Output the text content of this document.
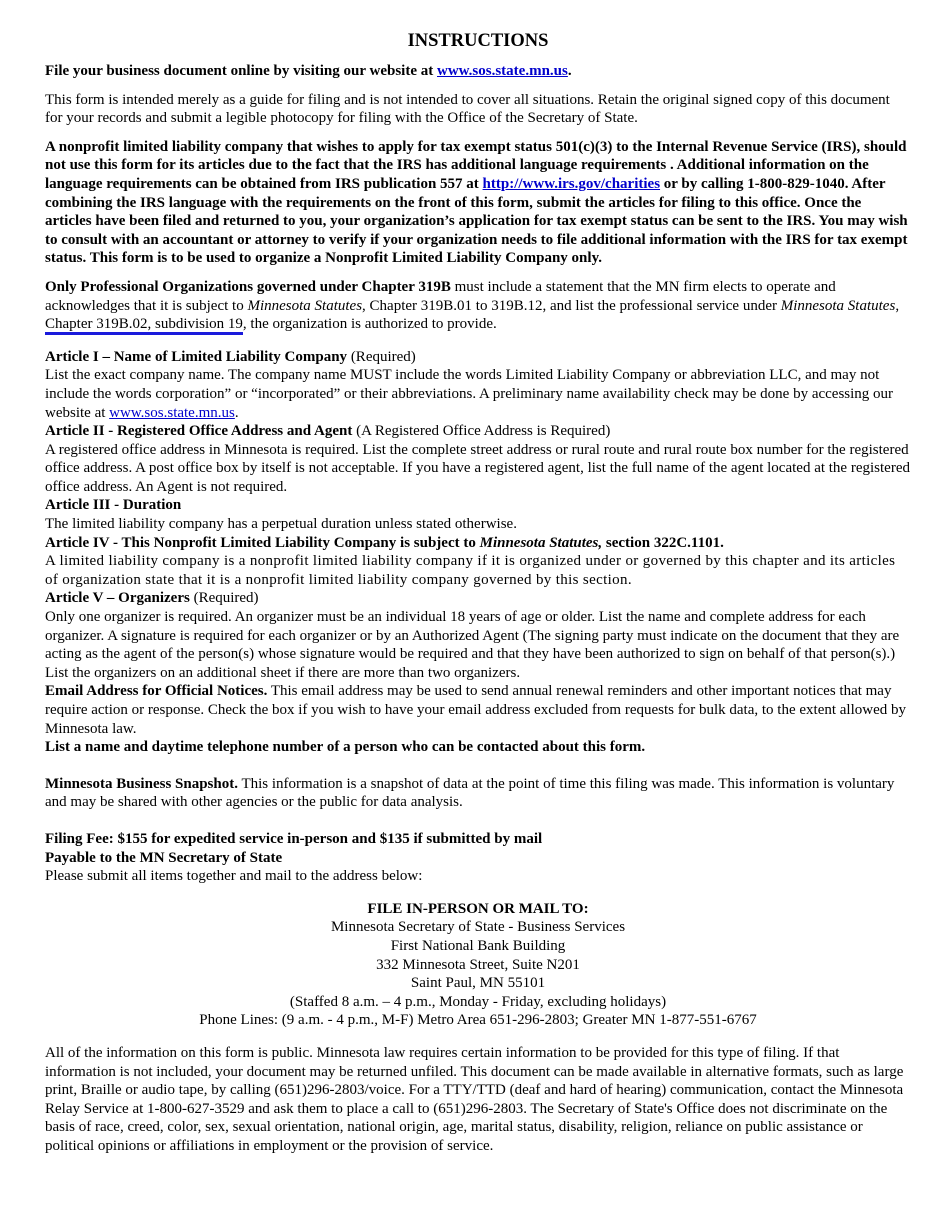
INSTRUCTIONS

File your business document online by visiting our website at www.sos.state.mn.us.

This form is intended merely as a guide for filing and is not intended to cover all situations. Retain the original signed copy of this document for your records and submit a legible photocopy for filing with the Office of the Secretary of State.

A nonprofit limited liability company that wishes to apply for tax exempt status 501(c)(3) to the Internal Revenue Service (IRS), should not use this form for its articles due to the fact that the IRS has additional language requirements . Additional information on the language requirements can be obtained from IRS publication 557 at http://www.irs.gov/charities or by calling 1-800-829-1040. After combining the IRS language with the requirements on the front of this form, submit the articles for filing to this office. Once the articles have been filed and returned to you, your organization’s application for tax exempt status can be sent to the IRS. You may wish to consult with an accountant or attorney to verify if your organization needs to file additional information with the IRS for tax exempt status. This form is to be used to organize a Nonprofit Limited Liability Company only.

Only Professional Organizations governed under Chapter 319B must include a statement that the MN firm elects to operate and acknowledges that it is subject to Minnesota Statutes, Chapter 319B.01 to 319B.12, and list the professional service under Minnesota Statutes, Chapter 319B.02, subdivision 19, the organization is authorized to provide.

Article I – Name of Limited Liability Company (Required)

List the exact company name. The company name MUST include the words Limited Liability Company or abbreviation LLC, and may not include the words corporation” or “incorporated” or their abbreviations. A preliminary name availability check may be done by accessing our website at www.sos.state.mn.us.

Article II - Registered Office Address and Agent (A Registered Office Address is Required)

A registered office address in Minnesota is required. List the complete street address or rural route and rural route box number for the registered office address. A post office box by itself is not acceptable. If you have a registered agent, list the full name of the agent located at the registered office address. An Agent is not required.

Article III - Duration

The limited liability company has a perpetual duration unless stated otherwise.

Article IV - This Nonprofit Limited Liability Company is subject to Minnesota Statutes, section 322C.1101.

A limited liability company is a nonprofit limited liability company if it is organized under or governed by this chapter and its articles of organization state that it is a nonprofit limited liability company governed by this section.

Article V – Organizers (Required)

Only one organizer is required. An organizer must be an individual 18 years of age or older. List the name and complete address for each organizer. A signature is required for each organizer or by an Authorized Agent (The signing party must indicate on the document that they are acting as the agent of the person(s) whose signature would be required and that they have been authorized to sign on behalf of that person(s).) List the organizers on an additional sheet if there are more than two organizers.

Email Address for Official Notices. This email address may be used to send annual renewal reminders and other important notices that may require action or response. Check the box if you wish to have your email address excluded from requests for bulk data, to the extent allowed by Minnesota law.

List a name and daytime telephone number of a person who can be contacted about this form.

Minnesota Business Snapshot. This information is a snapshot of data at the point of time this filing was made. This information is voluntary and may be shared with other agencies or the public for data analysis.

Filing Fee: $155 for expedited service in-person and $135 if submitted by mail

Payable to the MN Secretary of State

Please submit all items together and mail to the address below:

FILE IN-PERSON OR MAIL TO:

Minnesota Secretary of State - Business Services

First National Bank Building

332 Minnesota Street, Suite N201

Saint Paul, MN 55101

(Staffed 8 a.m. – 4 p.m., Monday - Friday, excluding holidays)

Phone Lines: (9 a.m. - 4 p.m., M-F) Metro Area 651-296-2803; Greater MN 1-877-551-6767

All of the information on this form is public. Minnesota law requires certain information to be provided for this type of filing. If that information is not included, your document may be returned unfiled. This document can be made available in alternative formats, such as large print, Braille or audio tape, by calling (651)296-2803/voice. For a TTY/TTD (deaf and hard of hearing) communication, contact the Minnesota Relay Service at 1-800-627-3529 and ask them to place a call to (651)296-2803. The Secretary of State's Office does not discriminate on the basis of race, creed, color, sex, sexual orientation, national origin, age, marital status, disability, religion, reliance on public assistance or political opinions or affiliations in employment or the provision of service.
